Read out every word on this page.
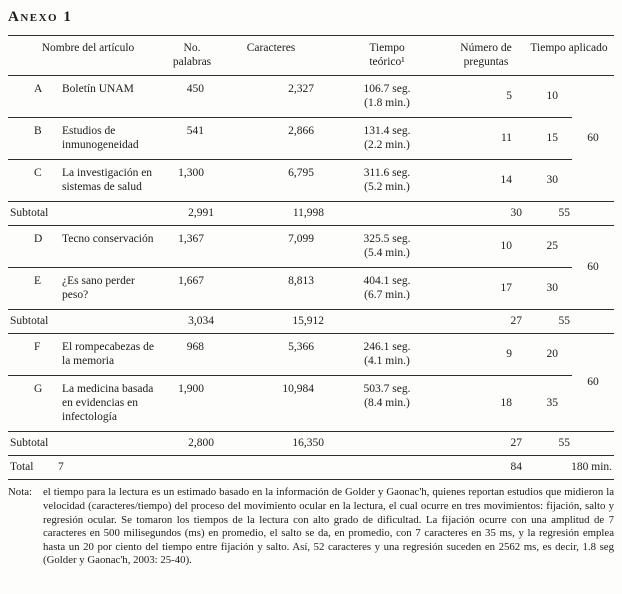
Anexo 1
Nombre del artículo		No. palabras	Caracteres	Tiempo teórico¹	Número de preguntas	Tiempo aplicado	
A	Boletín UNAM	450	2,327	106.7 seg.
(1.8 min.)	5	10	60
B	Estudios de inmunogeneidad	541	2,866	131.4 seg.
(2.2 min.)	11	15	
C	La investigación en sistemas de salud	1,300	6,795	311.6 seg.
(5.2 min.)	14	30	
Subtotal		2,991	11,998		30	55	
D	Tecno conservación	1,367	7,099	325.5 seg.
(5.4 min.)	10	25	60
E	¿Es sano perder peso?	1,667	8,813	404.1 seg.
(6.7 min.)	17	30	
Subtotal		3,034	15,912		27	55	
F	El rompecabezas de la memoria	968	5,366	246.1 seg.
(4.1 min.)	9	20	60
G	La medicina basada en evidencias en infectología	1,900	10,984	503.7 seg.
(8.4 min.)	18	35	
Subtotal		2,800	16,350		27	55	
Total	7				84	180 min.	
Nota:	el tiempo para la lectura es un estimado basado en la información de Golder y Gaonac'h, quienes reportan estudios que midieron la velocidad (caracteres/tiempo) del proceso del movimiento ocular en la lectura, el cual ocurre en tres movimientos: fijación, salto y regresión ocular. Se tomaron los tiempos de la lectura con alto grado de dificultad. La fijación ocurre con una amplitud de 7 caracteres en 500 milisegundos (ms) en promedio, el salto se da, en promedio, con 7 caracteres en 35 ms, y la regresión emplea hasta un 20 por ciento del tiempo entre fijación y salto. Así, 52 caracteres y una regresión suceden en 2562 ms, es decir, 1.8 seg (Golder y Gaonac'h, 2003: 25-40).
